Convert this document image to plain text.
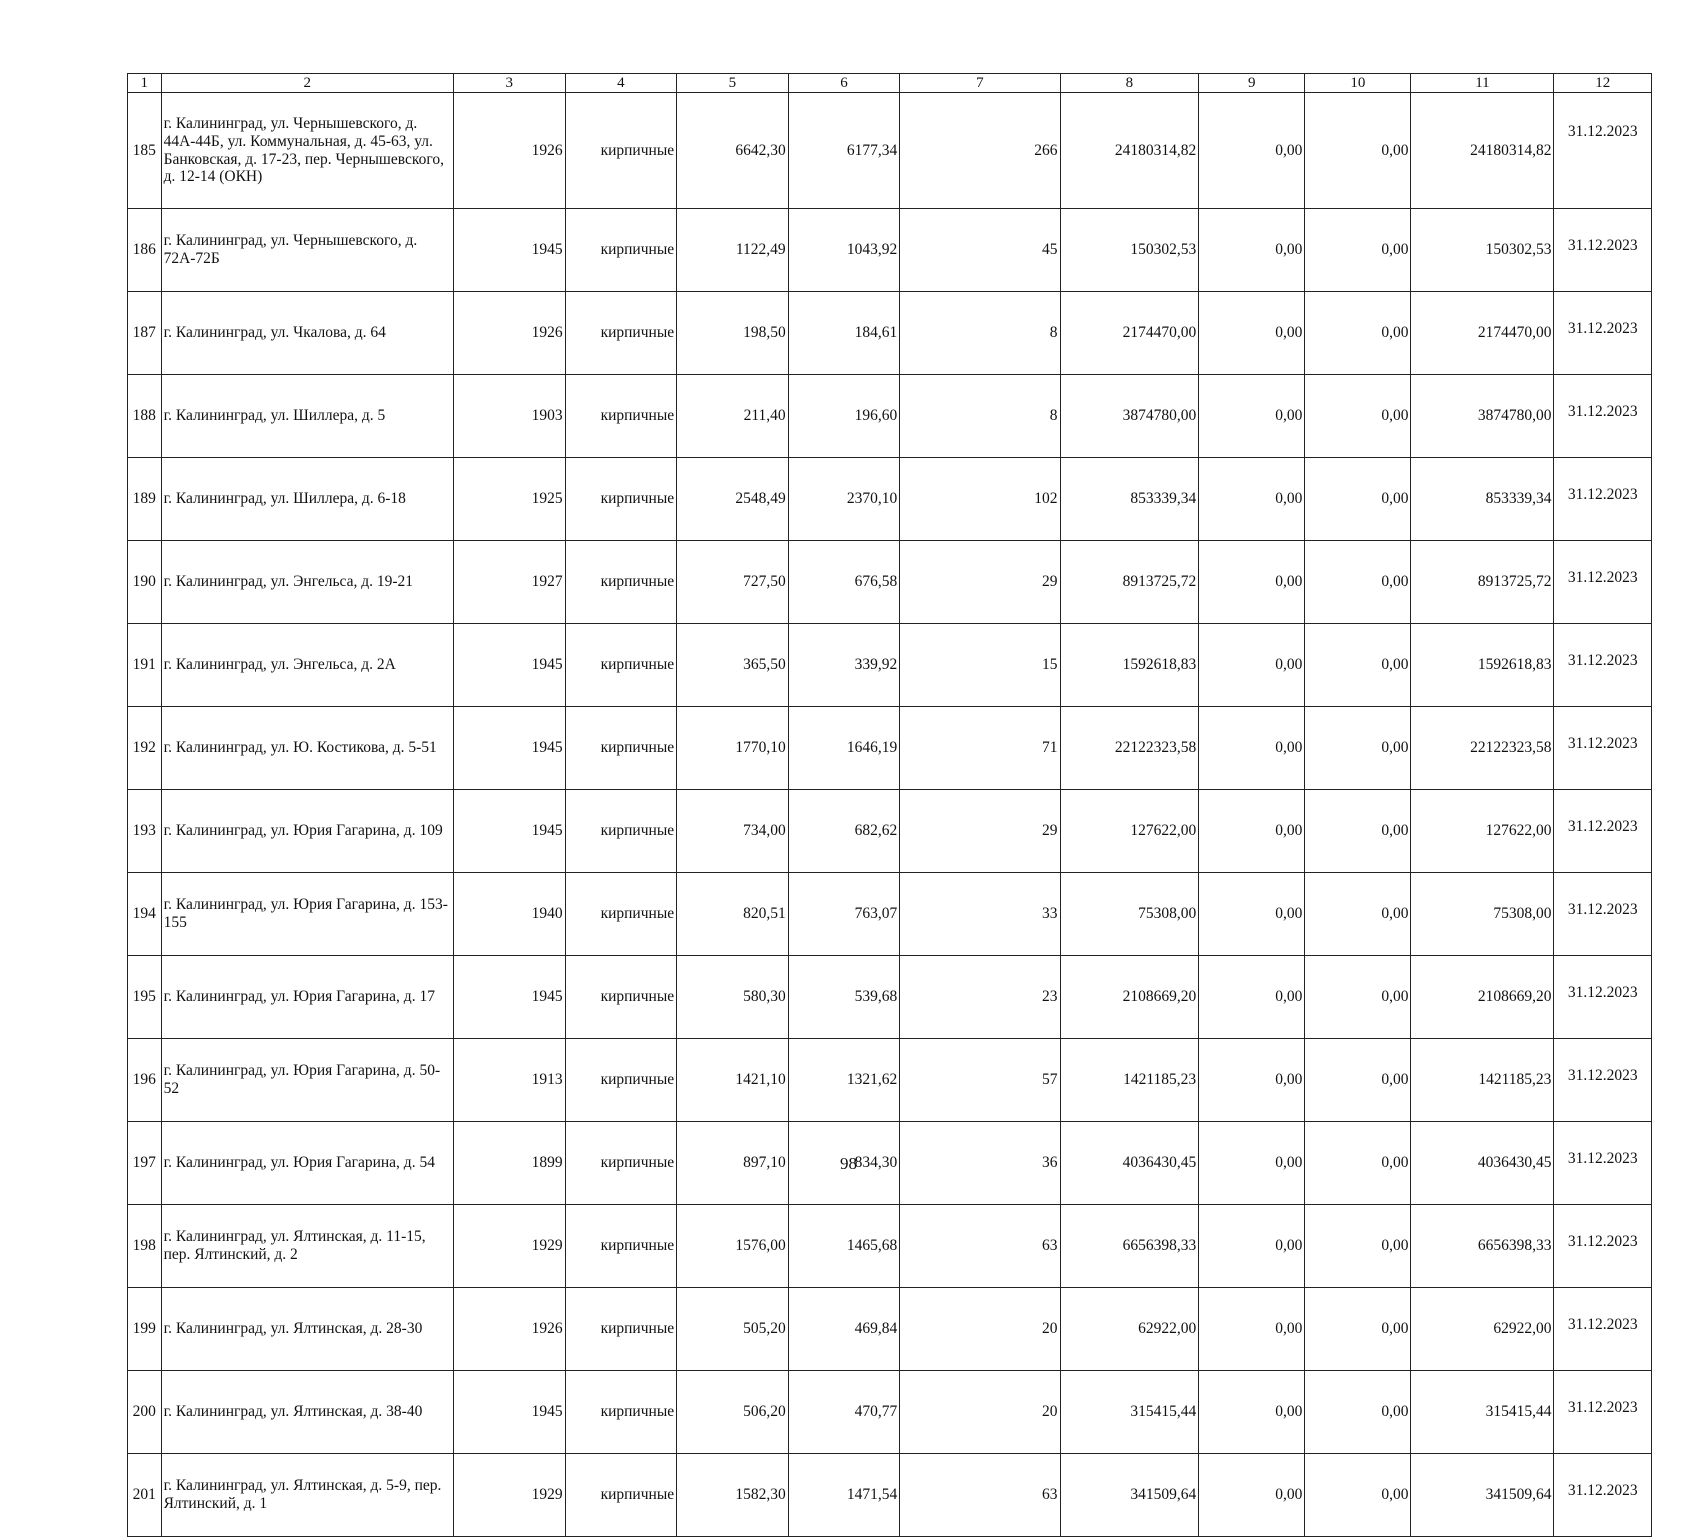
1	2	3	4	5	6	7	8	9	10	11	12
185	г. Калининград, ул. Чернышевского, д. 44А-44Б, ул. Коммунальная, д. 45-63, ул. Банковская, д. 17-23, пер. Чернышевского, д. 12-14 (ОКН)	1926	кирпичные	6642,30	6177,34	266	24180314,82	0,00	0,00	24180314,82	31.12.2023
186	г. Калининград, ул. Чернышевского, д. 72А-72Б	1945	кирпичные	1122,49	1043,92	45	150302,53	0,00	0,00	150302,53	31.12.2023
187	г. Калининград, ул. Чкалова, д. 64	1926	кирпичные	198,50	184,61	8	2174470,00	0,00	0,00	2174470,00	31.12.2023
188	г. Калининград, ул. Шиллера, д. 5	1903	кирпичные	211,40	196,60	8	3874780,00	0,00	0,00	3874780,00	31.12.2023
189	г. Калининград, ул. Шиллера, д. 6-18	1925	кирпичные	2548,49	2370,10	102	853339,34	0,00	0,00	853339,34	31.12.2023
190	г. Калининград, ул. Энгельса, д. 19-21	1927	кирпичные	727,50	676,58	29	8913725,72	0,00	0,00	8913725,72	31.12.2023
191	г. Калининград, ул. Энгельса, д. 2А	1945	кирпичные	365,50	339,92	15	1592618,83	0,00	0,00	1592618,83	31.12.2023
192	г. Калининград, ул. Ю. Костикова, д. 5-51	1945	кирпичные	1770,10	1646,19	71	22122323,58	0,00	0,00	22122323,58	31.12.2023
193	г. Калининград, ул. Юрия Гагарина, д. 109	1945	кирпичные	734,00	682,62	29	127622,00	0,00	0,00	127622,00	31.12.2023
194	г. Калининград, ул. Юрия Гагарина, д. 153-155	1940	кирпичные	820,51	763,07	33	75308,00	0,00	0,00	75308,00	31.12.2023
195	г. Калининград, ул. Юрия Гагарина, д. 17	1945	кирпичные	580,30	539,68	23	2108669,20	0,00	0,00	2108669,20	31.12.2023
196	г. Калининград, ул. Юрия Гагарина, д. 50-52	1913	кирпичные	1421,10	1321,62	57	1421185,23	0,00	0,00	1421185,23	31.12.2023
197	г. Калининград, ул. Юрия Гагарина, д. 54	1899	кирпичные	897,10	834,30	36	4036430,45	0,00	0,00	4036430,45	31.12.2023
198	г. Калининград, ул. Ялтинская, д. 11-15, пер. Ялтинский, д. 2	1929	кирпичные	1576,00	1465,68	63	6656398,33	0,00	0,00	6656398,33	31.12.2023
199	г. Калининград, ул. Ялтинская, д. 28-30	1926	кирпичные	505,20	469,84	20	62922,00	0,00	0,00	62922,00	31.12.2023
200	г. Калининград, ул. Ялтинская, д. 38-40	1945	кирпичные	506,20	470,77	20	315415,44	0,00	0,00	315415,44	31.12.2023
201	г. Калининград, ул. Ялтинская, д. 5-9, пер. Ялтинский, д. 1	1929	кирпичные	1582,30	1471,54	63	341509,64	0,00	0,00	341509,64	31.12.2023
98
